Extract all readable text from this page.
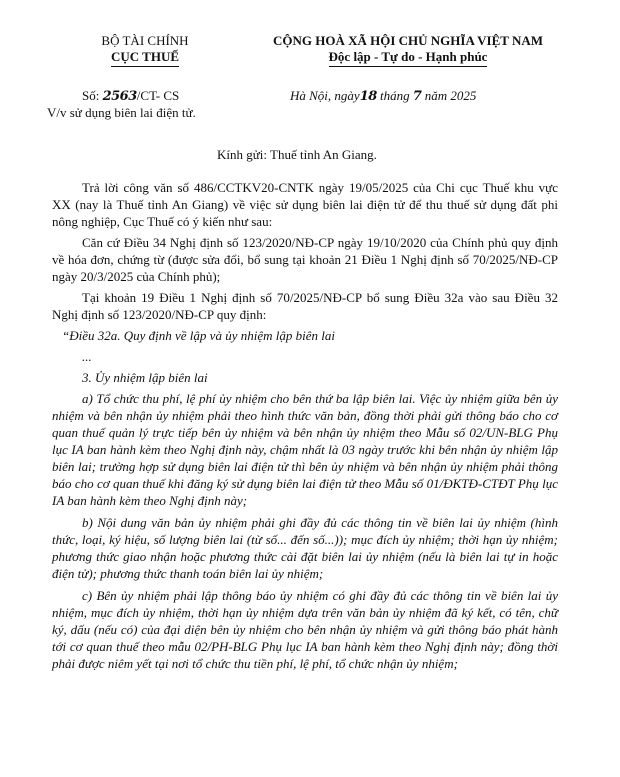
BỘ TÀI CHÍNH
CỤC THUẾ
CỘNG HOÀ XÃ HỘI CHỦ NGHĨA VIỆT NAM
Độc lập - Tự do - Hạnh phúc
Số: 2563/CT- CS
V/v sử dụng biên lai điện tử.
Hà Nội, ngày18 tháng 7 năm 2025
Kính gửi: Thuế tỉnh An Giang.

Trả lời công văn số 486/CCTKV20-CNTK ngày 19/05/2025 của Chi cục Thuế khu vực XX (nay là Thuế tỉnh An Giang) về việc sử dụng biên lai điện tử để thu thuế sử dụng đất phi nông nghiệp, Cục Thuế có ý kiến như sau:

Căn cứ Điều 34 Nghị định số 123/2020/NĐ-CP ngày 19/10/2020 của Chính phủ quy định về hóa đơn, chứng từ (được sửa đổi, bổ sung tại khoản 21 Điều 1 Nghị định số 70/2025/NĐ-CP ngày 20/3/2025 của Chính phủ);

Tại khoản 19 Điều 1 Nghị định số 70/2025/NĐ-CP bổ sung Điều 32a vào sau Điều 32 Nghị định số 123/2020/NĐ-CP quy định:

“Điều 32a. Quy định về lập và ủy nhiệm lập biên lai

...

3. Ủy nhiệm lập biên lai

a) Tổ chức thu phí, lệ phí ủy nhiệm cho bên thứ ba lập biên lai. Việc ủy nhiệm giữa bên ủy nhiệm và bên nhận ủy nhiệm phải theo hình thức văn bản, đồng thời phải gửi thông báo cho cơ quan thuế quản lý trực tiếp bên ủy nhiệm và bên nhận ủy nhiệm theo Mẫu số 02/UN-BLG Phụ lục IA ban hành kèm theo Nghị định này, chậm nhất là 03 ngày trước khi bên nhận ủy nhiệm lập biên lai; trường hợp sử dụng biên lai điện tử thì bên ủy nhiệm và bên nhận ủy nhiệm phải thông báo cho cơ quan thuế khi đăng ký sử dụng biên lai điện tử theo Mẫu số 01/ĐKTĐ-CTĐT Phụ lục IA ban hành kèm theo Nghị định này;

b) Nội dung văn bản ủy nhiệm phải ghi đầy đủ các thông tin về biên lai ủy nhiệm (hình thức, loại, ký hiệu, số lượng biên lai (từ số... đến số...)); mục đích ủy nhiệm; thời hạn ủy nhiệm; phương thức giao nhận hoặc phương thức cài đặt biên lai ủy nhiệm (nếu là biên lai tự in hoặc điện tử); phương thức thanh toán biên lai ủy nhiệm;

c) Bên ủy nhiệm phải lập thông báo ủy nhiệm có ghi đầy đủ các thông tin về biên lai ủy nhiệm, mục đích ủy nhiệm, thời hạn ủy nhiệm dựa trên văn bản ủy nhiệm đã ký kết, có tên, chữ ký, dấu (nếu có) của đại diện bên ủy nhiệm cho bên nhận ủy nhiệm và gửi thông báo phát hành tới cơ quan thuế theo mẫu 02/PH-BLG Phụ lục IA ban hành kèm theo Nghị định này; đồng thời phải được niêm yết tại nơi tổ chức thu tiền phí, lệ phí, tổ chức nhận ủy nhiệm;
